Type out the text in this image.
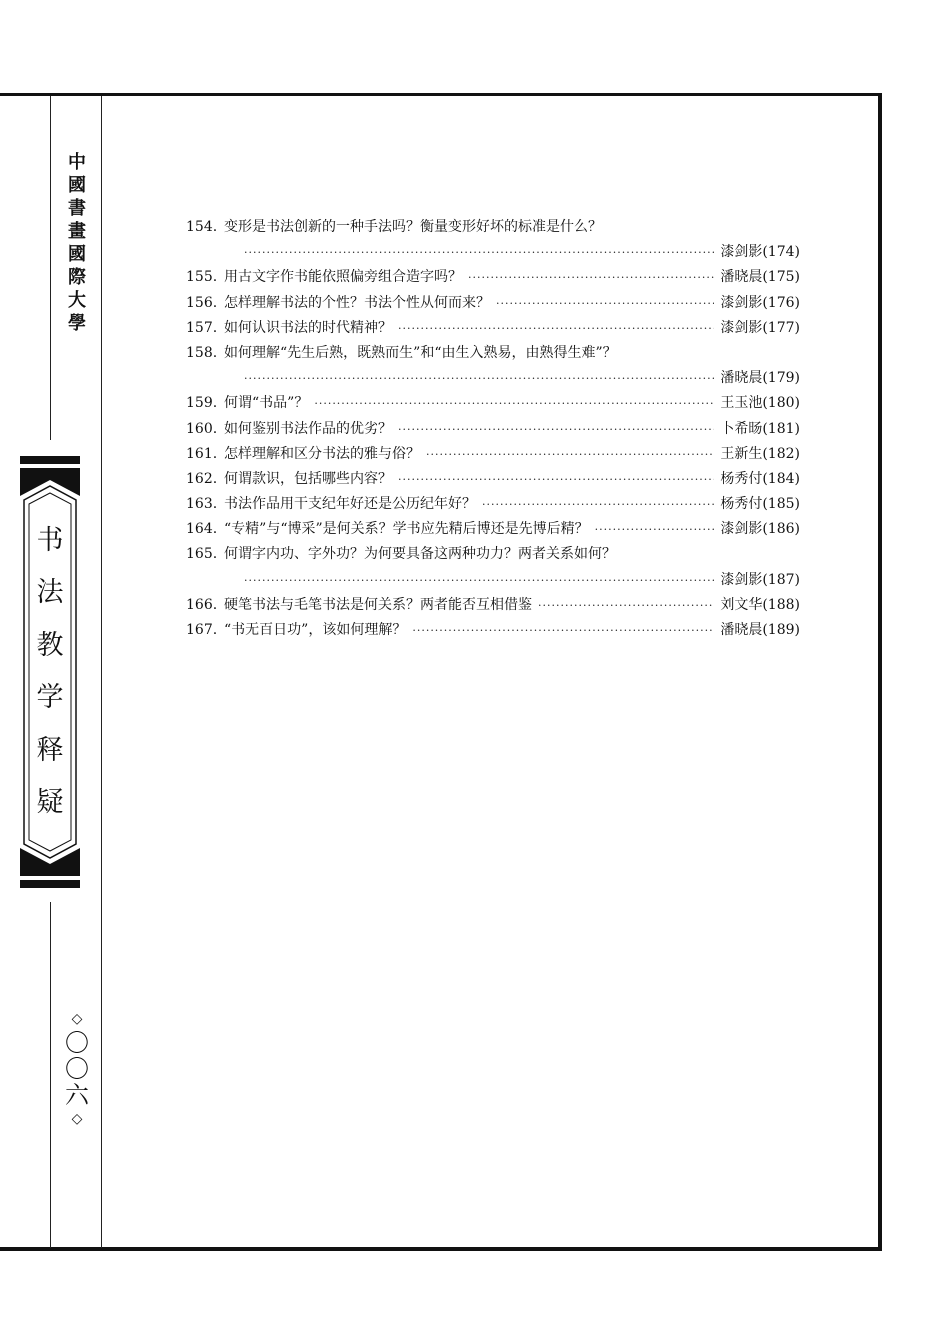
中國書畫國際大學
书
法
教
学
释
疑
◇
〇
〇
六
◇
154. 变形是书法创新的一种手法吗？衡量变形好坏的标准是什么？
·····
漆剑影(174)
155. 用古文字作书能依照偏旁组合造字吗？ ·····	潘晓晨(175)
156. 怎样理解书法的个性？书法个性从何而来？ ·····	漆剑影(176)
157. 如何认识书法的时代精神？ ·····	漆剑影(177)
158. 如何理解“先生后熟，既熟而生”和“由生入熟易，由熟得生难”？
·····
潘晓晨(179)
159. 何谓“书品”？ ·····	王玉池(180)
160. 如何鉴别书法作品的优劣？ ·····	卜希旸(181)
161. 怎样理解和区分书法的雅与俗？ ·····	王新生(182)
162. 何谓款识，包括哪些内容？ ·····	杨秀付(184)
163. 书法作品用干支纪年好还是公历纪年好？ ·····	杨秀付(185)
164. “专精”与“博采”是何关系？学书应先精后博还是先博后精？ ·····	漆剑影(186)
165. 何谓字内功、字外功？为何要具备这两种功力？两者关系如何？
·····
漆剑影(187)
166. 硬笔书法与毛笔书法是何关系？两者能否互相借鉴 ·····	刘文华(188)
167. “书无百日功”，该如何理解？ ·····	潘晓晨(189)
